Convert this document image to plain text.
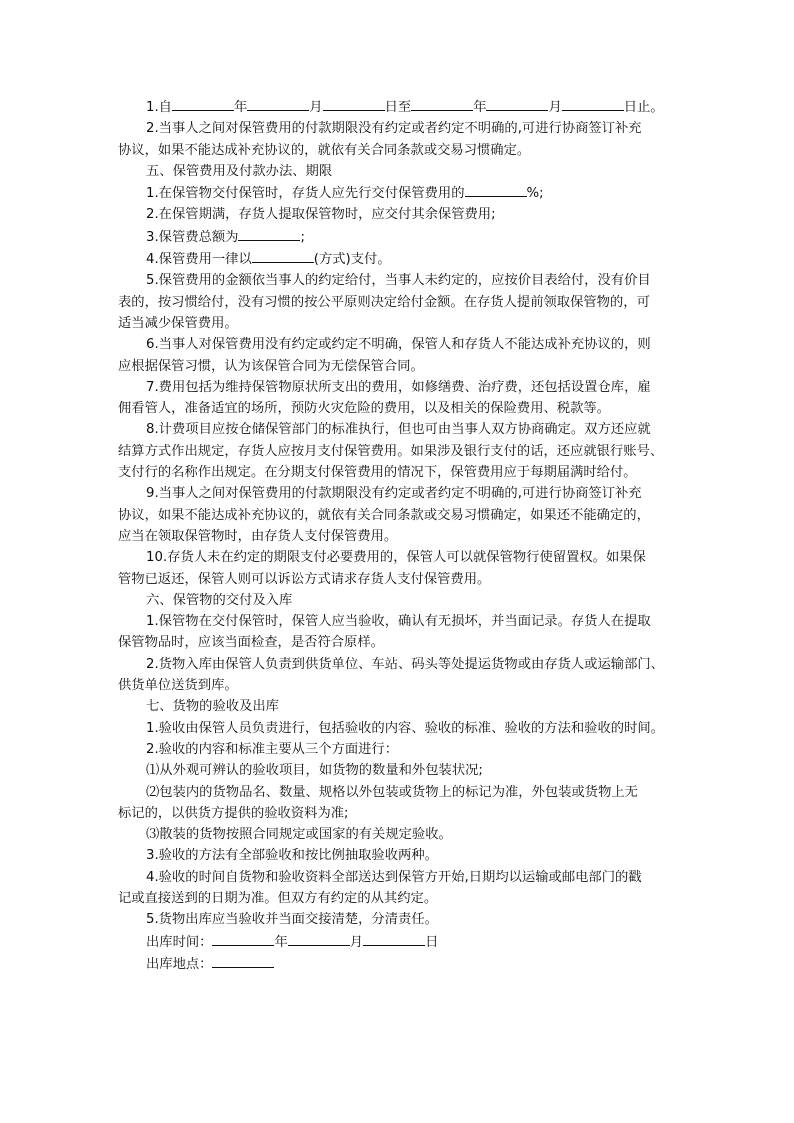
1.自	年	月	日至	年	月	日止。
2.当事人之间对保管费用的付款期限没有约定或者约定不明确的,可进行协商签订补充
协议，如果不能达成补充协议的，就依有关合同条款或交易习惯确定。
五、保管费用及付款办法、期限
1.在保管物交付保管时，存货人应先行交付保管费用的	%;
2.在保管期满，存货人提取保管物时，应交付其余保管费用;
3.保管费总额为	;
4.保管费用一律以	(方式)支付。
5.保管费用的金额依当事人的约定给付，当事人未约定的，应按价目表给付，没有价目
表的，按习惯给付，没有习惯的按公平原则决定给付金额。在存货人提前领取保管物的，可
适当减少保管费用。
6.当事人对保管费用没有约定或约定不明确，保管人和存货人不能达成补充协议的，则
应根据保管习惯，认为该保管合同为无偿保管合同。
7.费用包括为维持保管物原状所支出的费用，如修缮费、治疗费，还包括设置仓库，雇
佣看管人，准备适宜的场所，预防火灾危险的费用，以及相关的保险费用、税款等。
8.计费项目应按仓储保管部门的标准执行，但也可由当事人双方协商确定。双方还应就
结算方式作出规定，存货人应按月支付保管费用。如果涉及银行支付的话，还应就银行账号、
支付行的名称作出规定。在分期支付保管费用的情况下，保管费用应于每期届满时给付。
9.当事人之间对保管费用的付款期限没有约定或者约定不明确的,可进行协商签订补充
协议，如果不能达成补充协议的，就依有关合同条款或交易习惯确定，如果还不能确定的，
应当在领取保管物时，由存货人支付保管费用。
10.存货人未在约定的期限支付必要费用的，保管人可以就保管物行使留置权。如果保
管物已返还，保管人则可以诉讼方式请求存货人支付保管费用。
六、保管物的交付及入库
1.保管物在交付保管时，保管人应当验收，确认有无损坏，并当面记录。存货人在提取
保管物品时，应该当面检查，是否符合原样。
2.货物入库由保管人负责到供货单位、车站、码头等处提运货物或由存货人或运输部门、
供货单位送货到库。
七、货物的验收及出库
1.验收由保管人员负责进行，包括验收的内容、验收的标准、验收的方法和验收的时间。
2.验收的内容和标准主要从三个方面进行：
⑴从外观可辨认的验收项目，如货物的数量和外包装状况;
⑵包装内的货物品名、数量、规格以外包装或货物上的标记为准，外包装或货物上无
标记的，以供货方提供的验收资料为准;
⑶散装的货物按照合同规定或国家的有关规定验收。
3.验收的方法有全部验收和按比例抽取验收两种。
4.验收的时间自货物和验收资料全部送达到保管方开始,日期均以运输或邮电部门的戳
记或直接送到的日期为准。但双方有约定的从其约定。
5.货物出库应当验收并当面交接清楚，分清责任。
出库时间：	年	月	日
出库地点：
